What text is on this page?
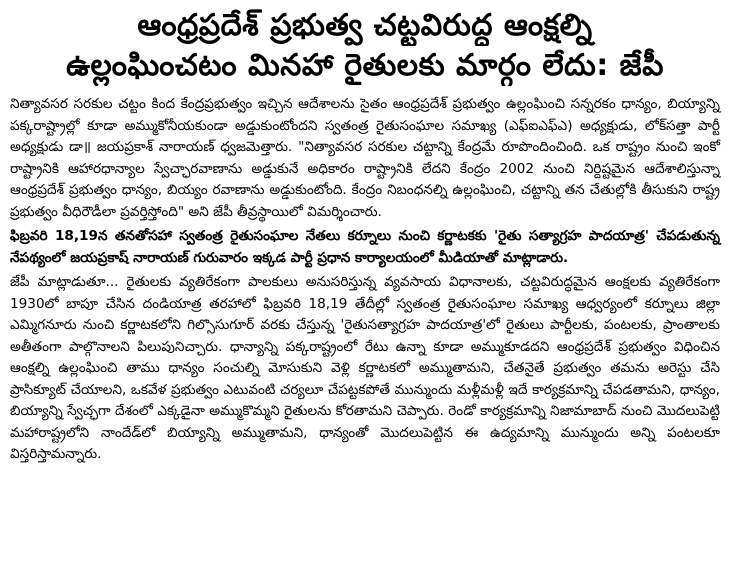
ఆంధ్రప్రదేశ్ ప్రభుత్వ చట్టవిరుద్ధ ఆంక్షల్ని
ఉల్లంఘించటం మినహా రైతులకు మార్గం లేదు: జేపీ

నిత్యావసర సరకుల చట్టం కింద కేంద్రప్రభుత్వం ఇచ్చిన ఆదేశాలను సైతం ఆంధ్రప్రదేశ్ ప్రభుత్వం ఉల్లంఘించి సన్నరకం ధాన్యం, బియ్యాన్ని పక్కరాష్ట్రాల్లో కూడా అమ్ముకోనీయకుండా అడ్డుకుంటోందని స్వతంత్ర రైతుసంఘాల సమాఖ్య (ఎఫ్ఐఎఫ్ఎ) అధ్యక్షుడు, లోక్‌సత్తా పార్టీ అధ్యక్షుడు డా॥ జయప్రకాశ్ నారాయణ్ ధ్వజమెత్తారు. "నిత్యావసర సరకుల చట్టాన్ని కేంద్రమే రూపొందించింది. ఒక రాష్ట్రం నుంచి ఇంకో రాష్ట్రానికి ఆహారధాన్యాల స్వేచ్ఛారవాణాను అడ్డుకునే అధికారం రాష్ట్రానికి లేదని కేంద్రం 2002 నుంచి నిర్దిష్టమైన ఆదేశాలిస్తున్నా ఆంధ్రప్రదేశ్ ప్రభుత్వం ధాన్యం, బియ్యం రవాణాను అడ్డుకుంటోంది. కేంద్రం నిబంధనల్ని ఉల్లంఘించి, చట్టాన్ని తన చేతుల్లోకి తీసుకుని రాష్ట్ర ప్రభుత్వం వీధిరౌడీలా ప్రవర్తిస్తోంది" అని జేపీ తీవ్రస్థాయిలో విమర్శించారు.

ఫిబ్రవరి 18,19న తనతోసహా స్వతంత్ర రైతుసంఘాల నేతలు కర్నూలు నుంచి కర్ణాటకకు 'రైతు సత్యాగ్రహ పాదయాత్ర' చేపడుతున్న నేపథ్యంలో జయప్రకాష్ నారాయణ్ గురువారం ఇక్కడ పార్టీ ప్రధాన కార్యాలయంలో మీడియాతో మాట్లాడారు.

జేపీ మాట్లాడుతూ... రైతులకు వ్యతిరేకంగా పాలకులు అనుసరిస్తున్న వ్యవసాయ విధానాలకు, చట్టవిరుద్ధమైన ఆంక్షలకు వ్యతిరేకంగా 1930లో బాపూ చేసిన దండియాత్ర తరహాలో ఫిబ్రవరి 18,19 తేదీల్లో స్వతంత్ర రైతుసంఘాల సమాఖ్య ఆధ్వర్యంలో కర్నూలు జిల్లా ఎమ్మిగనూరు నుంచి కర్ణాటకలోని గిల్సొసుగూర్ వరకు చేస్తున్న 'రైతుసత్యాగ్రహ పాదయాత్ర'లో రైతులు పార్టీలకు, పంటలకు, ప్రాంతాలకు అతీతంగా పాల్గొనాలని పిలుపునిచ్చారు. ధాన్యాన్ని పక్కరాష్ట్రంలో రేటు ఉన్నా కూడా అమ్ముకూడదని ఆంధ్రప్రదేశ్ ప్రభుత్వం విధించిన ఆంక్షల్ని ఉల్లంఘించి తాము ధాన్యం సంచుల్ని మోసుకుని వెళ్లి కర్ణాటకలో అమ్ముతామని, చేతనైతే ప్రభుత్వం తమను అరెస్టు చేసి ప్రాసిక్యూట్ చేయాలని, ఒకవేళ ప్రభుత్వం ఎటువంటి చర్యలూ చేపట్టకపోతే మున్ముందు మళ్లీమళ్లీ ఇదే కార్యక్రమాన్ని చేపడతామని, ధాన్యం, బియ్యాన్ని స్వేచ్ఛగా దేశంలో ఎక్కడైనా అమ్ముకొమ్మని రైతులను కోరతామని చెప్పారు. రెండో కార్యక్రమాన్ని నిజామాబాద్ నుంచి మొదలుపెట్టి మహారాష్ట్రలోని నాందేడ్‌లో బియ్యాన్ని అమ్ముతామని, ధాన్యంతో మొదలుపెట్టిన ఈ ఉద్యమాన్ని మున్ముందు అన్ని పంటలకూ విస్తరిస్తామన్నారు.
